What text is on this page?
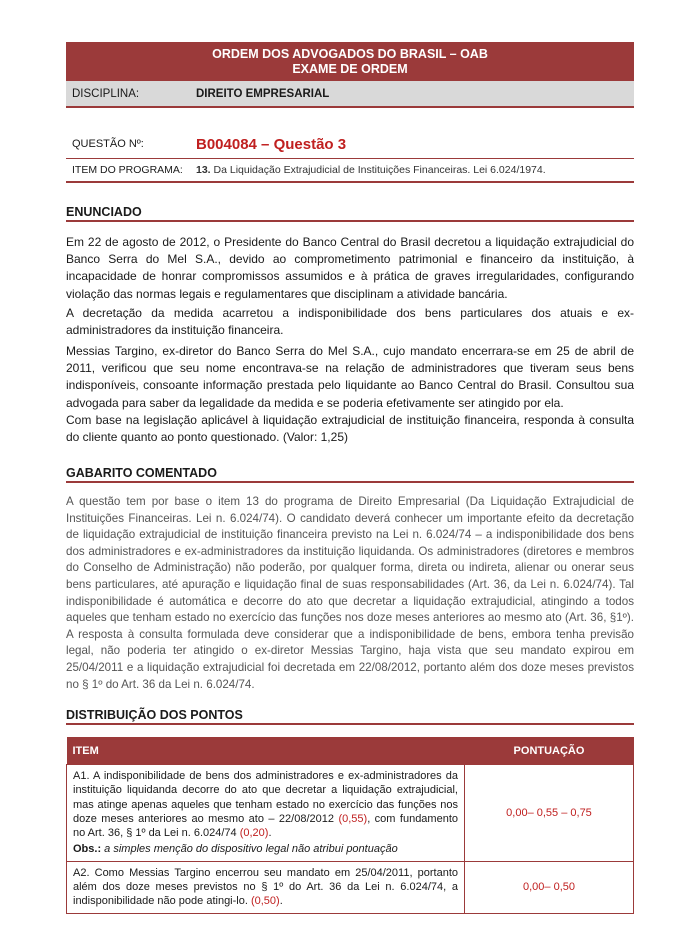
ORDEM DOS ADVOGADOS DO BRASIL – OAB
EXAME DE ORDEM
DISCIPLINA:	DIREITO EMPRESARIAL
QUESTÃO Nº:	B004084 – Questão 3
ITEM DO PROGRAMA:	13. Da Liquidação Extrajudicial de Instituições Financeiras. Lei 6.024/1974.
ENUNCIADO

Em 22 de agosto de 2012, o Presidente do Banco Central do Brasil decretou a liquidação extrajudicial do Banco Serra do Mel S.A., devido ao comprometimento patrimonial e financeiro da instituição, à incapacidade de honrar compromissos assumidos e à prática de graves irregularidades, configurando violação das normas legais e regulamentares que disciplinam a atividade bancária.

A decretação da medida acarretou a indisponibilidade dos bens particulares dos atuais e ex-administradores da instituição financeira.

Messias Targino, ex-diretor do Banco Serra do Mel S.A., cujo mandato encerrara-se em 25 de abril de 2011, verificou que seu nome encontrava-se na relação de administradores que tiveram seus bens indisponíveis, consoante informação prestada pelo liquidante ao Banco Central do Brasil. Consultou sua advogada para saber da legalidade da medida e se poderia efetivamente ser atingido por ela.

Com base na legislação aplicável à liquidação extrajudicial de instituição financeira, responda à consulta do cliente quanto ao ponto questionado. (Valor: 1,25)

GABARITO COMENTADO

A questão tem por base o item 13 do programa de Direito Empresarial (Da Liquidação Extrajudicial de Instituições Financeiras. Lei n. 6.024/74). O candidato deverá conhecer um importante efeito da decretação de liquidação extrajudicial de instituição financeira previsto na Lei n. 6.024/74 – a indisponibilidade dos bens dos administradores e ex-administradores da instituição liquidanda. Os administradores (diretores e membros do Conselho de Administração) não poderão, por qualquer forma, direta ou indireta, alienar ou onerar seus bens particulares, até apuração e liquidação final de suas responsabilidades (Art. 36, da Lei n. 6.024/74). Tal indisponibilidade é automática e decorre do ato que decretar a liquidação extrajudicial, atingindo a todos aqueles que tenham estado no exercício das funções nos doze meses anteriores ao mesmo ato (Art. 36, §1º). A resposta à consulta formulada deve considerar que a indisponibilidade de bens, embora tenha previsão legal, não poderia ter atingido o ex-diretor Messias Targino, haja vista que seu mandato expirou em 25/04/2011 e a liquidação extrajudicial foi decretada em 22/08/2012, portanto além dos doze meses previstos no § 1º do Art. 36 da Lei n. 6.024/74.

DISTRIBUIÇÃO DOS PONTOS
ITEM	PONTUAÇÃO
A1. A indisponibilidade de bens dos administradores e ex-administradores da instituição liquidanda decorre do ato que decretar a liquidação extrajudicial, mas atinge apenas aqueles que tenham estado no exercício das funções nos doze meses anteriores ao mesmo ato – 22/08/2012 (0,55), com fundamento no Art. 36, § 1º da Lei n. 6.024/74 (0,20).
Obs.: a simples menção do dispositivo legal não atribui pontuação	0,00– 0,55 – 0,75
A2. Como Messias Targino encerrou seu mandato em 25/04/2011, portanto além dos doze meses previstos no § 1º do Art. 36 da Lei n. 6.024/74, a indisponibilidade não pode atingi-lo. (0,50).	0,00– 0,50
